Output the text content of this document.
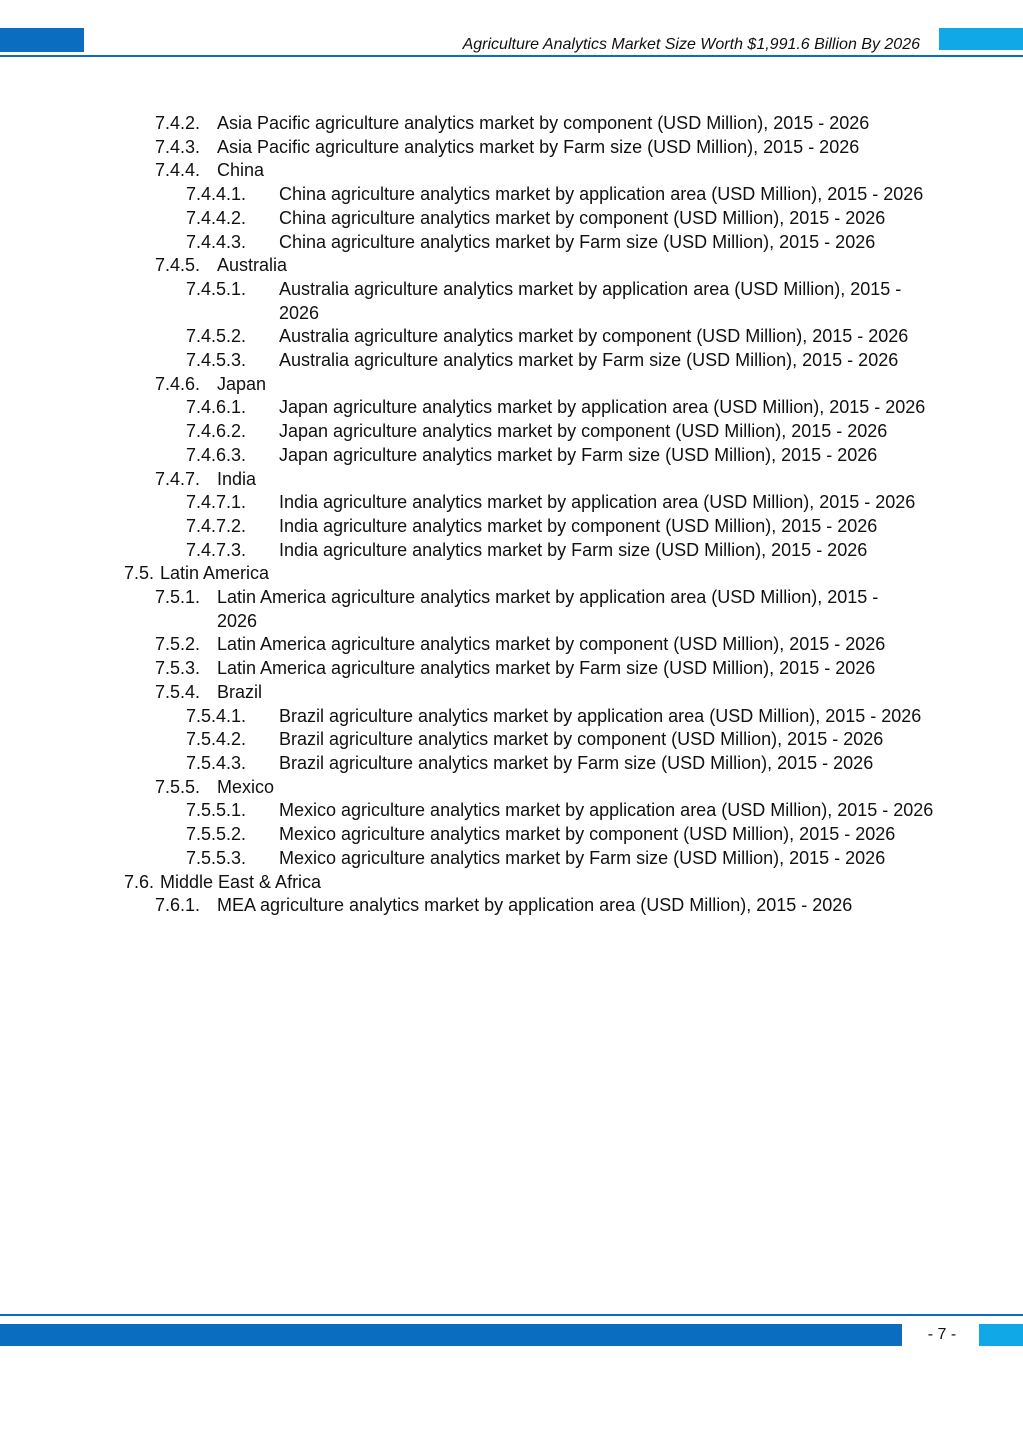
Agriculture Analytics Market Size Worth $1,991.6 Billion By 2026
7.4.2. Asia Pacific agriculture analytics market by component (USD Million), 2015 - 2026
7.4.3. Asia Pacific agriculture analytics market by Farm size (USD Million), 2015 - 2026
7.4.4. China
7.4.4.1. China agriculture analytics market by application area (USD Million), 2015 - 2026
7.4.4.2. China agriculture analytics market by component (USD Million), 2015 - 2026
7.4.4.3. China agriculture analytics market by Farm size (USD Million), 2015 - 2026
7.4.5. Australia
7.4.5.1. Australia agriculture analytics market by application area (USD Million), 2015 - 2026
7.4.5.2. Australia agriculture analytics market by component (USD Million), 2015 - 2026
7.4.5.3. Australia agriculture analytics market by Farm size (USD Million), 2015 - 2026
7.4.6. Japan
7.4.6.1. Japan agriculture analytics market by application area (USD Million), 2015 - 2026
7.4.6.2. Japan agriculture analytics market by component (USD Million), 2015 - 2026
7.4.6.3. Japan agriculture analytics market by Farm size (USD Million), 2015 - 2026
7.4.7. India
7.4.7.1. India agriculture analytics market by application area (USD Million), 2015 - 2026
7.4.7.2. India agriculture analytics market by component (USD Million), 2015 - 2026
7.4.7.3. India agriculture analytics market by Farm size (USD Million), 2015 - 2026
7.5. Latin America
7.5.1. Latin America agriculture analytics market by application area (USD Million), 2015 - 2026
7.5.2. Latin America agriculture analytics market by component (USD Million), 2015 - 2026
7.5.3. Latin America agriculture analytics market by Farm size (USD Million), 2015 - 2026
7.5.4. Brazil
7.5.4.1. Brazil agriculture analytics market by application area (USD Million), 2015 - 2026
7.5.4.2. Brazil agriculture analytics market by component (USD Million), 2015 - 2026
7.5.4.3. Brazil agriculture analytics market by Farm size (USD Million), 2015 - 2026
7.5.5. Mexico
7.5.5.1. Mexico agriculture analytics market by application area (USD Million), 2015 - 2026
7.5.5.2. Mexico agriculture analytics market by component (USD Million), 2015 - 2026
7.5.5.3. Mexico agriculture analytics market by Farm size (USD Million), 2015 - 2026
7.6. Middle East & Africa
7.6.1. MEA agriculture analytics market by application area (USD Million), 2015 - 2026
- 7 -
